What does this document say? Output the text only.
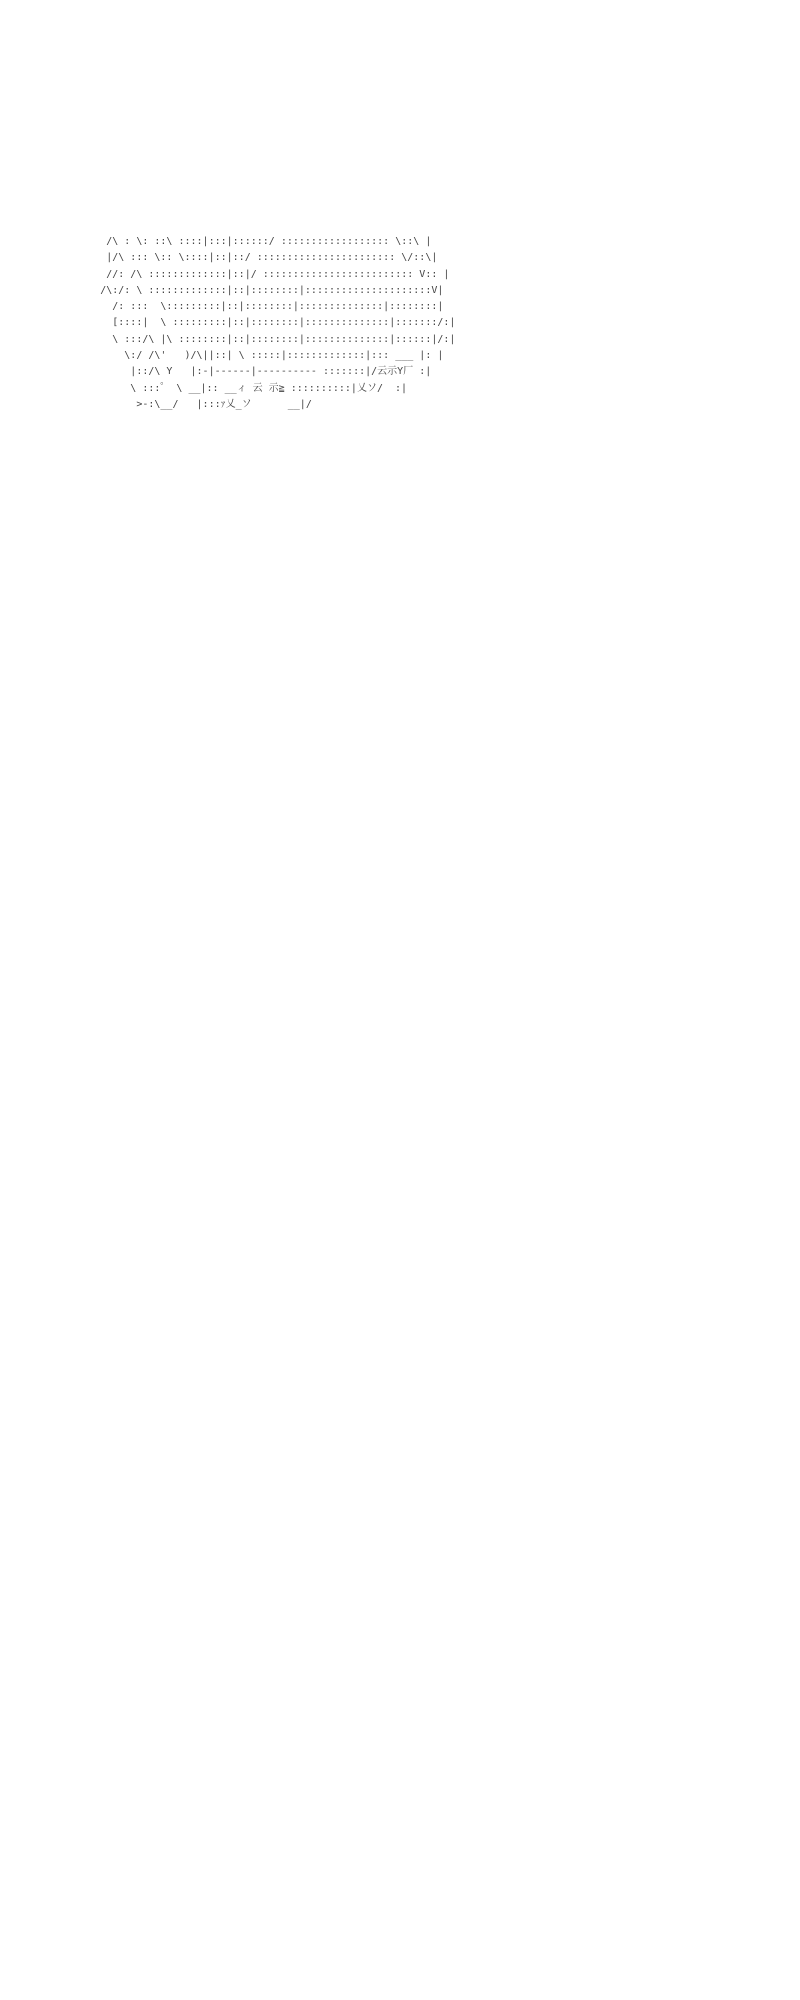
/\ : \: ::\ ::::|:::|::::::/ :::::::::::::::::: \::\ |
|/\ ::: \:: \::::|::|::/ ::::::::::::::::::::::: \/::\|
//: /\ :::::::::::::|::|/ ::::::::::::::::::::::::: V:: |
/\:/: \ :::::::::::::|::|::::::::|:::::::::::::::::::::V|
/: :::  \:::::::::|::|::::::::|::::::::::::::|::::::::|
[::::|  \ :::::::::|::|::::::::|::::::::::::::|:::::::/:|
\ :::/\ |\ ::::::::|::|::::::::|::::::::::::::|::::::|/:|
\:/ /\'   )/\||::| \ :::::|:::::::::::::|::: ___ |: |
|::/\ Y   |:-|------|---------- :::::::|/云示Y厂 :|
\ :::゜ \ __|:: __ィ 云 示≧ ::::::::::|乂ソ/  :|
>-:\__/   |:::ｧ乂_ソ      __|/
